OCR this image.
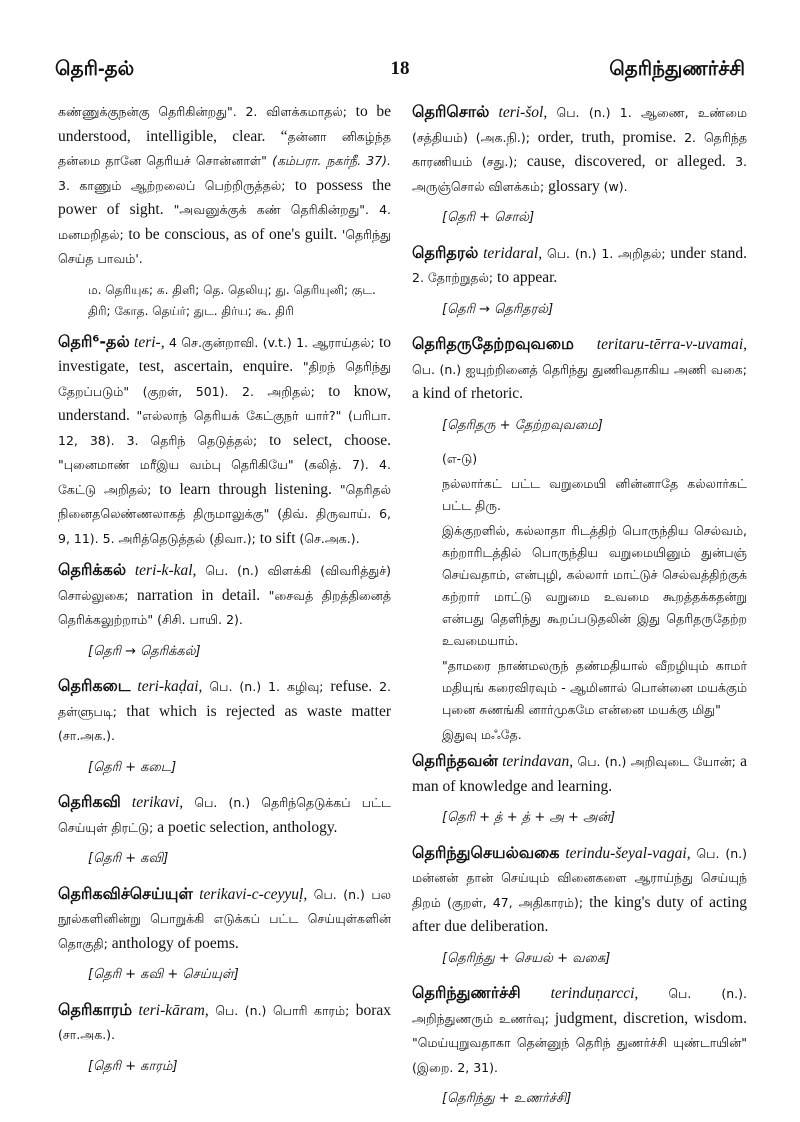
தெரி-தல்	18	தெரிந்துணர்ச்சி
கண்ணுக்குநன்கு தெரிகின்றது". 2. விளக்கமாதல்; to be understood, intelligible, clear. “தன்னா னிகழ்ந்த தன்மை தானே தெரியச் சொன்னாள்" (கம்பரா. நகர்நீ. 37). 3. காணும் ஆற்றலைப் பெற்றிருத்தல்; to possess the power of sight. "அவனுக்குக் கண் தெரிகின்றது". 4. மனமறிதல்; to be conscious, as of one's guilt. 'தெரிந்து செய்த பாவம்'.
ம. தெரியுக; க. திளி; தெ. தெலியு; து. தெரியுனி; குட. திரி; கோத. தெய்ர்; துட. திர்ய; கூ. திரி
தெரி⁶-தல் teri-, 4 செ.குன்றாவி. (v.t.) 1. ஆராய்தல்; to investigate, test, ascertain, enquire. "திறந் தெரிந்து தேறப்படும்" (குறள், 501). 2. அறிதல்; to know, understand. "எல்லாந் தெரியக் கேட்குநர் யார்?" (பரிபா. 12, 38). 3. தெரிந் தெடுத்தல்; to select, choose. "புனைமாண் மரீஇய வம்பு தெரிகியே" (கலித். 7). 4. கேட்டு அறிதல்; to learn through listening. "தெரிதல் நினைதலெண்ணலாகத் திருமாலுக்கு" (திவ். திருவாய். 6, 9, 11). 5. அரித்தெடுத்தல் (திவா.); to sift (செ.அக.).
தெரிக்கல் teri-k-kal, பெ. (n.) விளக்கி (விவரித்துச்) சொல்லுகை; narration in detail. "சைவத் திறத்தினைத் தெரிக்கலுற்றாம்" (சிசி. பாயி. 2).
[தெரி → தெரிக்கல்]
தெரிகடை teri-kaḍai, பெ. (n.) 1. கழிவு; refuse. 2. தள்ளுபடி; that which is rejected as waste matter (சா.அக.).
[தெரி + கடை]
தெரிகவி terikavi, பெ. (n.) தெரிந்தெடுக்கப் பட்ட செய்யுள் திரட்டு; a poetic selection, anthology.
[தெரி + கவி]
தெரிகவிச்செய்யுள் terikavi-c-ceyyuḷ, பெ. (n.) பல நூல்களினின்று பொறுக்கி எடுக்கப் பட்ட செய்யுள்களின் தொகுதி; anthology of poems.
[தெரி + கவி + செய்யுள்]
தெரிகாரம் teri-kāram, பெ. (n.) பொரி காரம்; borax (சா.அக.).
[தெரி + காரம்]
தெரிசொல் teri-šol, பெ. (n.) 1. ஆணை, உண்மை (சத்தியம்) (அக.நி.); order, truth, promise. 2. தெரிந்த காரணியம் (சது.); cause, discovered, or alleged. 3. அருஞ்சொல் விளக்கம்; glossary (w).
[தெரி + சொல்]
தெரிதரல் teridaral, பெ. (n.) 1. அறிதல்; under stand. 2. தோற்றுதல்; to appear.
[தெரி → தெரிதரல்]
தெரிதருதேற்றவுவமை teritaru-tērra-v-uvamai, பெ. (n.) ஐயுற்றினைத் தெரிந்து துணிவதாகிய அணி வகை; a kind of rhetoric.
[தெரிதரு + தேற்றவுவமை]
(எ-டு)
நல்லார்கட் பட்ட வறுமையி னின்னாதே கல்லார்கட் பட்ட திரு.
இக்குறளில், கல்லாதா ரிடத்திற் பொருந்திய செல்வம், கற்றாரிடத்தில் பொருந்திய வறுமையினும் துன்பஞ் செய்வதாம், என்புழி, கல்லார் மாட்டுச் செல்வத்திற்குக் கற்றார் மாட்டு வறுமை உவமை கூறத்தக்கதன்று என்பது தெளிந்து கூறப்படுதலின் இது தெரிதருதேற்ற உவமையாம்.
"தாமரை நாண்மலருந் தண்மதியால் வீறழியும் காமர் மதியுங் கரைவிரவும் - ஆமினால் பொன்னை மயக்கும் புனை சுணங்கி னார்முகமே என்னை மயக்கு மிது"
இதுவு மஃதே.
தெரிந்தவன் terindavan, பெ. (n.) அறிவுடை யோன்; a man of knowledge and learning.
[தெரி + த் + த் + அ + அன்]
தெரிந்துசெயல்வகை terindu-šeyal-vagai, பெ. (n.) மன்னன் தான் செய்யும் வினைகளை ஆராய்ந்து செய்யுந் திறம் (குறள், 47, அதிகாரம்); the king's duty of acting after due deliberation.
[தெரிந்து + செயல் + வகை]
தெரிந்துணர்ச்சி terinduṇarcci, பெ. (n.). அறிந்துணரும் உணர்வு; judgment, discretion, wisdom. "மெய்யுறுவதாகா தென்னுந் தெரிந் துணர்ச்சி யுண்டாயின்" (இறை. 2, 31).
[தெரிந்து + உணர்ச்சி]
